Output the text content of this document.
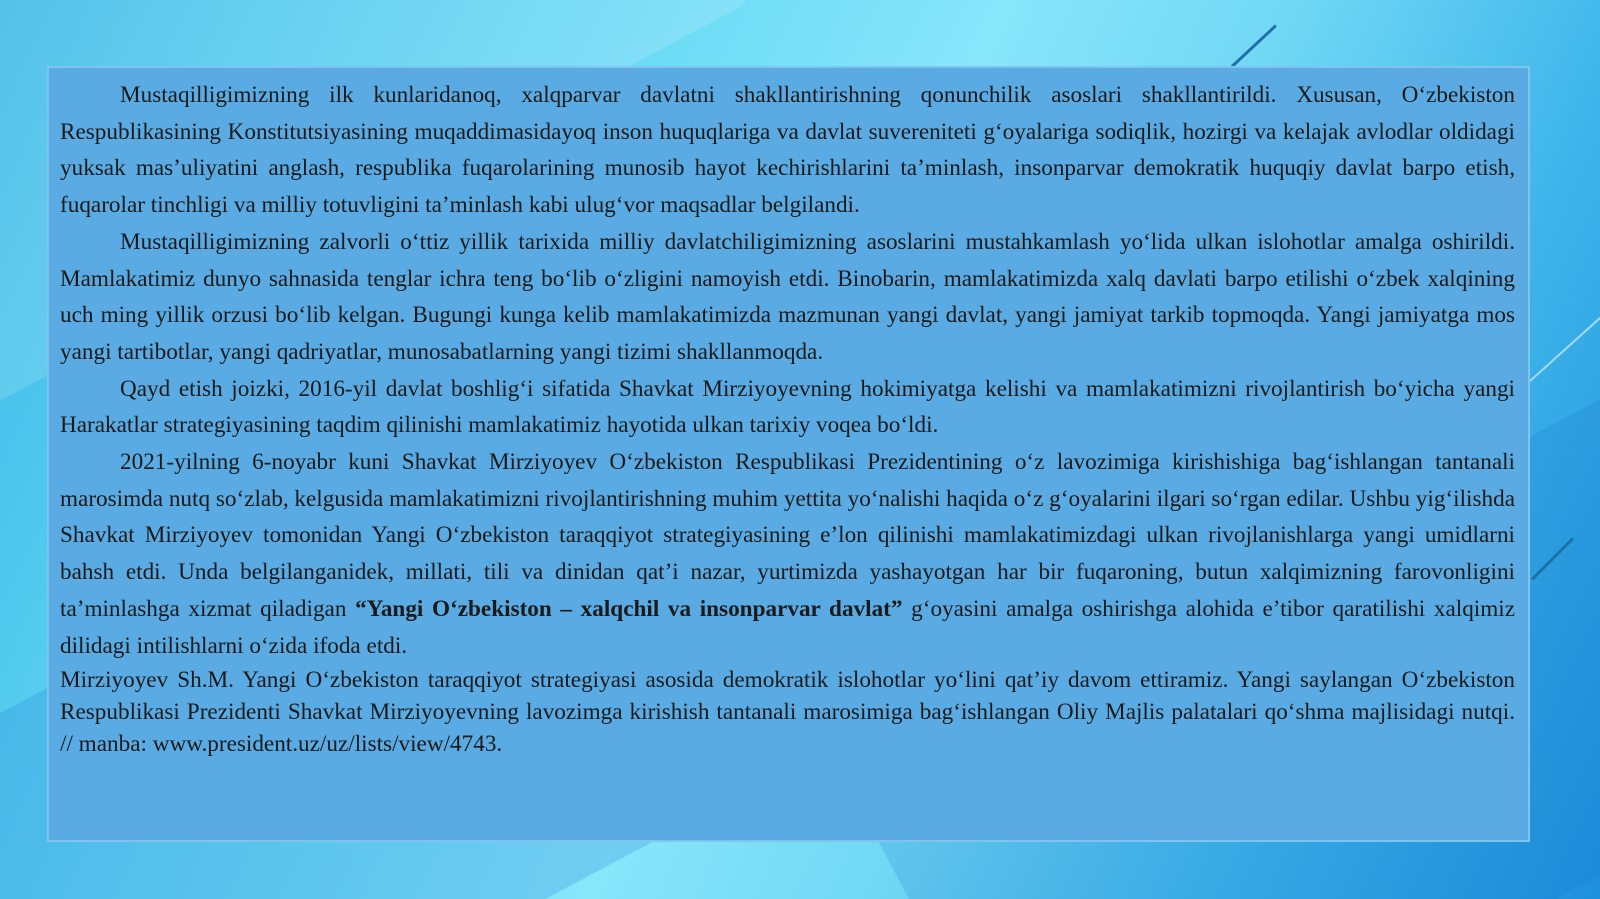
Mustaqilligimizning ilk kunlaridanoq, xalqparvar davlatni shakllantirishning qonunchilik asoslari shakllantirildi. Xususan, O‘zbekiston Respublikasining Konstitutsiyasining muqaddimasidayoq inson huquqlariga va davlat suvereniteti g‘oyalariga sodiqlik, hozirgi va kelajak avlodlar oldidagi yuksak mas’uliyatini anglash, respublika fuqarolarining munosib hayot kechirishlarini ta’minlash, insonparvar demokratik huquqiy davlat barpo etish, fuqarolar tinchligi va milliy totuvligini ta’minlash kabi ulug‘vor maqsadlar belgilandi.

Mustaqilligimizning zalvorli o‘ttiz yillik tarixida milliy davlatchiligimizning asoslarini mustahkamlash yo‘lida ulkan islohotlar amalga oshirildi. Mamlakatimiz dunyo sahnasida tenglar ichra teng bo‘lib o‘zligini namoyish etdi. Binobarin, mamlakatimizda xalq davlati barpo etilishi o‘zbek xalqining uch ming yillik orzusi bo‘lib kelgan. Bugungi kunga kelib mamlakatimizda mazmunan yangi davlat, yangi jamiyat tarkib topmoqda. Yangi jamiyatga mos yangi tartibotlar, yangi qadriyatlar, munosabatlarning yangi tizimi shakllanmoqda.

Qayd etish joizki, 2016-yil davlat boshlig‘i sifatida Shavkat Mirziyoyevning hokimiyatga kelishi va mamlakatimizni rivojlantirish bo‘yicha yangi Harakatlar strategiyasining taqdim qilinishi mamlakatimiz hayotida ulkan tarixiy voqea bo‘ldi.

2021-yilning 6-noyabr kuni Shavkat Mirziyoyev O‘zbekiston Respublikasi Prezidentining o‘z lavozimiga kirishishiga bag‘ishlangan tantanali marosimda nutq so‘zlab, kelgusida mamlakatimizni rivojlantirishning muhim yettita yo‘nalishi haqida o‘z g‘oyalarini ilgari so‘rgan edilar. Ushbu yig‘ilishda Shavkat Mirziyoyev tomonidan Yangi O‘zbekiston taraqqiyot strategiyasining e’lon qilinishi mamlakatimizdagi ulkan rivojlanishlarga yangi umidlarni bahsh etdi. Unda belgilanganidek, millati, tili va dinidan qat’i nazar, yurtimizda yashayotgan har bir fuqaroning, butun xalqimizning farovonligini ta’minlashga xizmat qiladigan “Yangi O‘zbekiston – xalqchil va insonparvar davlat” g‘oyasini amalga oshirishga alohida e’tibor qaratilishi xalqimiz dilidagi intilishlarni o‘zida ifoda etdi.

Mirziyoyev Sh.M. Yangi O‘zbekiston taraqqiyot strategiyasi asosida demokratik islohotlar yo‘lini qat’iy davom ettiramiz. Yangi saylangan O‘zbekiston Respublikasi Prezidenti Shavkat Mirziyoyevning lavozimga kirishish tantanali marosimiga bag‘ishlangan Oliy Majlis palatalari qo‘shma majlisidagi nutqi. // manba: www.president.uz/uz/lists/view/4743.
